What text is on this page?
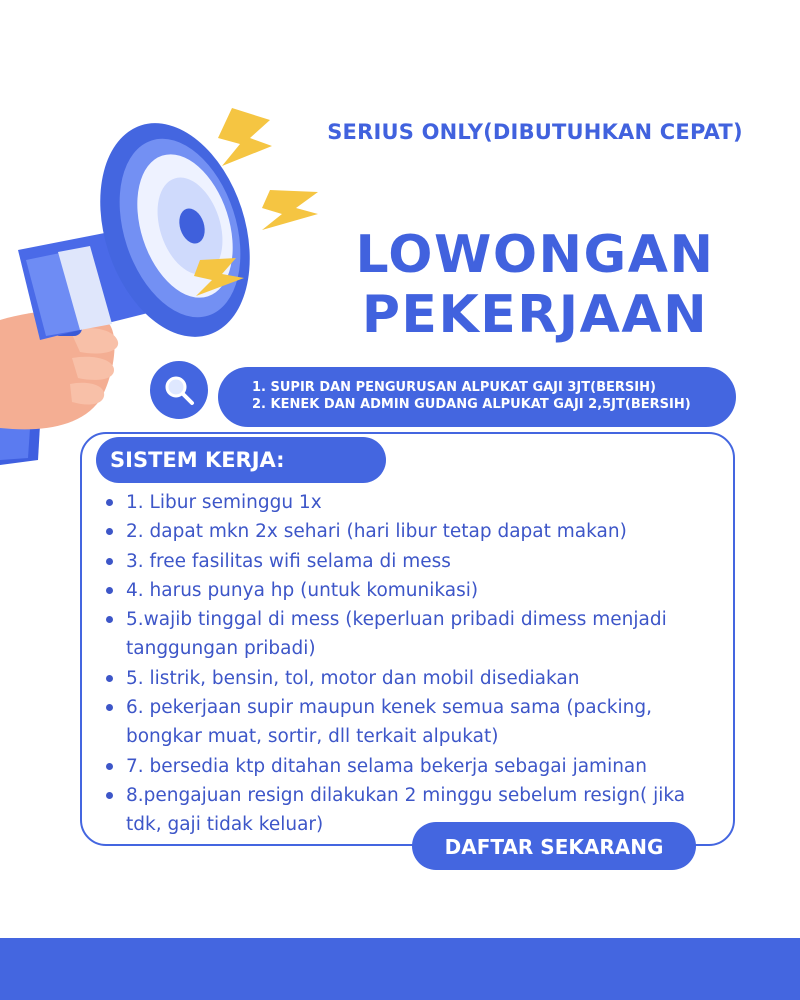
SERIUS ONLY(DIBUTUHKAN CEPAT)
LOWONGAN
PEKERJAAN
1. SUPIR DAN PENGURUSAN ALPUKAT GAJI 3JT(BERSIH)
2. KENEK DAN ADMIN GUDANG ALPUKAT GAJI 2,5JT(BERSIH)
SISTEM KERJA:
1. Libur seminggu 1x
2. dapat mkn 2x sehari (hari libur tetap dapat makan)
3. free fasilitas wifi selama di mess
4. harus punya hp (untuk komunikasi)
5.wajib tinggal di mess (keperluan pribadi dimess menjadi tanggungan pribadi)
5. listrik, bensin, tol, motor dan mobil disediakan
6. pekerjaan supir maupun kenek semua sama (packing, bongkar muat, sortir, dll terkait alpukat)
7. bersedia ktp ditahan selama bekerja sebagai jaminan
8.pengajuan resign dilakukan 2 minggu sebelum resign( jika tdk, gaji tidak keluar)
DAFTAR SEKARANG
